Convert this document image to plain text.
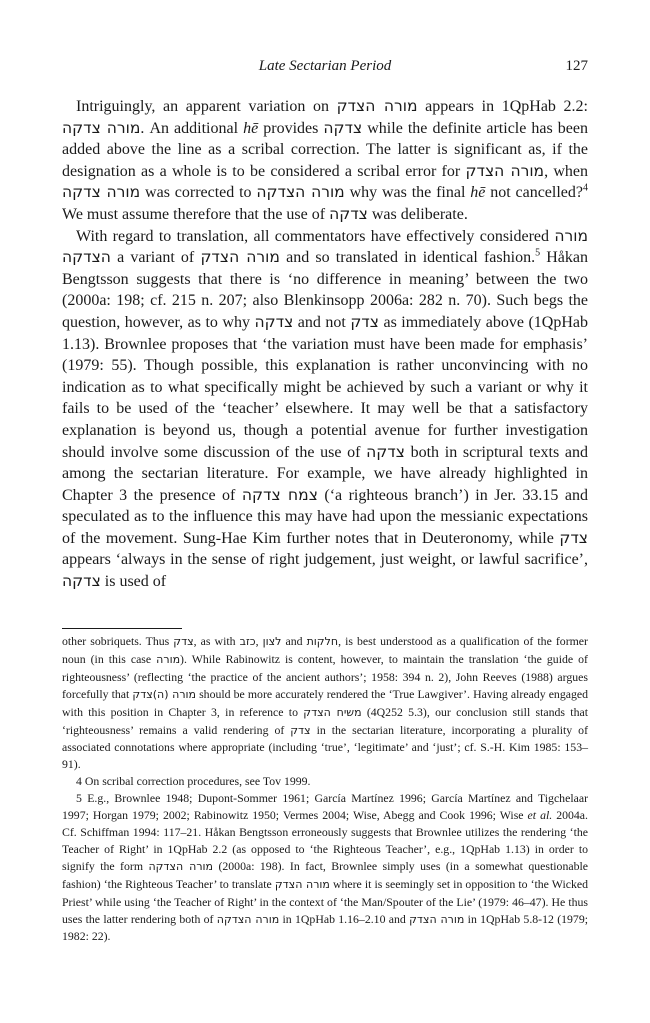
Late Sectarian Period	127

Intriguingly, an apparent variation on מורה הצדק appears in 1QpHab 2.2: מורה צדקה. An additional hē provides צדקה while the definite article has been added above the line as a scribal correction. The latter is significant as, if the designation as a whole is to be considered a scribal error for מורה הצדק, when מורה צדקה was corrected to מורה הצדקה why was the final hē not cancelled?$^4$ We must assume therefore that the use of צדקה was deliberate.

With regard to translation, all commentators have effectively considered מורה הצדקה a variant of מורה הצדק and so translated in identical fashion.$^5$ Håkan Bengtsson suggests that there is ‘no difference in meaning’ between the two (2000a: 198; cf. 215 n. 207; also Blenkinsopp 2006a: 282 n. 70). Such begs the question, however, as to why צדקה and not צדק as immediately above (1QpHab 1.13). Brownlee proposes that ‘the variation must have been made for emphasis’ (1979: 55). Though possible, this explanation is rather unconvincing with no indication as to what specifically might be achieved by such a variant or why it fails to be used of the ‘teacher’ elsewhere. It may well be that a satisfactory explanation is beyond us, though a potential avenue for further investigation should involve some discussion of the use of צדקה both in scriptural texts and among the sectarian literature. For example, we have already highlighted in Chapter 3 the presence of צמח צדקה (‘a righteous branch’) in Jer. 33.15 and speculated as to the influence this may have had upon the messianic expectations of the movement. Sung-Hae Kim further notes that in Deuteronomy, while צדק appears ‘always in the sense of right judgement, just weight, or lawful sacrifice’, צדקה is used of

other sobriquets. Thus צדק, as with כזב, לצון and חלקות, is best understood as a qualification of the former noun (in this case מורה). While Rabinowitz is content, however, to maintain the translation ‘the guide of righteousness’ (reflecting ‘the practice of the ancient authors’; 1958: 394 n. 2), John Reeves (1988) argues forcefully that מורה (ה)צדק should be more accurately rendered the ‘True Lawgiver’. Having already engaged with this position in Chapter 3, in reference to משיח הצדק (4Q252 5.3), our conclusion still stands that ‘righteousness’ remains a valid rendering of צדק in the sectarian literature, incorporating a plurality of associated connotations where appropriate (including ‘true’, ‘legitimate’ and ‘just’; cf. S.-H. Kim 1985: 153–91).

4 On scribal correction procedures, see Tov 1999.

5 E.g., Brownlee 1948; Dupont-Sommer 1961; García Martínez 1996; García Martínez and Tigchelaar 1997; Horgan 1979; 2002; Rabinowitz 1950; Vermes 2004; Wise, Abegg and Cook 1996; Wise et al. 2004a. Cf. Schiffman 1994: 117–21. Håkan Bengtsson erroneously suggests that Brownlee utilizes the rendering ‘the Teacher of Right’ in 1QpHab 2.2 (as opposed to ‘the Righteous Teacher’, e.g., 1QpHab 1.13) in order to signify the form מורה הצדקה (2000a: 198). In fact, Brownlee simply uses (in a somewhat questionable fashion) ‘the Righteous Teacher’ to translate מורה הצדק where it is seemingly set in opposition to ‘the Wicked Priest’ while using ‘the Teacher of Right’ in the context of ‘the Man/Spouter of the Lie’ (1979: 46–47). He thus uses the latter rendering both of מורה הצדקה in 1QpHab 1.16–2.10 and מורה הצדק in 1QpHab 5.8-12 (1979; 1982: 22).
